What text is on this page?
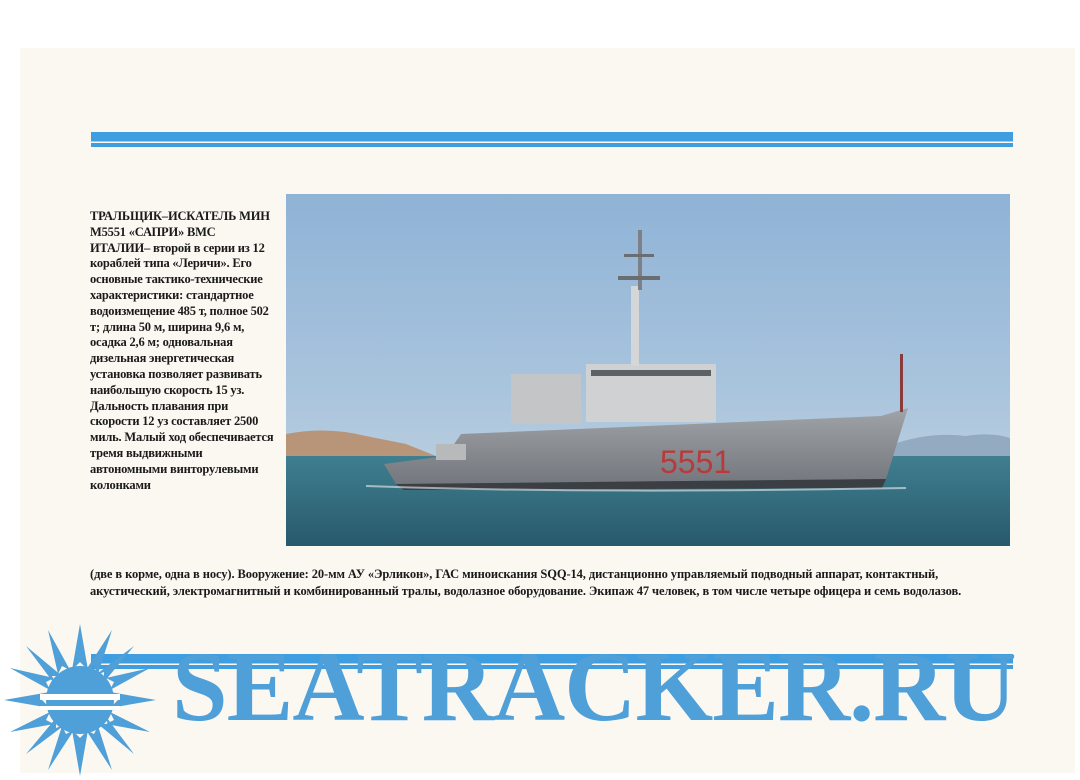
ТРАЛЬЩИК–ИСКАТЕЛЬ МИН М5551 «САПРИ» ВМС ИТАЛИИ– второй в серии из 12 кораблей типа «Леричи». Его основные тактико-технические характеристики: стандартное водоизмещение 485 т, полное 502 т; длина 50 м, ширина 9,6 м, осадка 2,6 м; одновальная дизельная энергетическая установка позволяет развивать наибольшую скорость 15 уз. Дальность плавания при скорости 12 уз составляет 2500 миль. Малый ход обеспечивается тремя выдвижными автономными винторулевыми колонками
5551
(две в корме, одна в носу). Вооружение: 20-мм АУ «Эрликон», ГАС миноискания SQQ-14, дистанционно управляемый подводный аппарат, контактный, акустический, электромагнитный и комбинированный тралы, водолазное оборудование. Экипаж 47 человек, в том числе четыре офицера и семь водолазов.
SEATRACKER.RU
